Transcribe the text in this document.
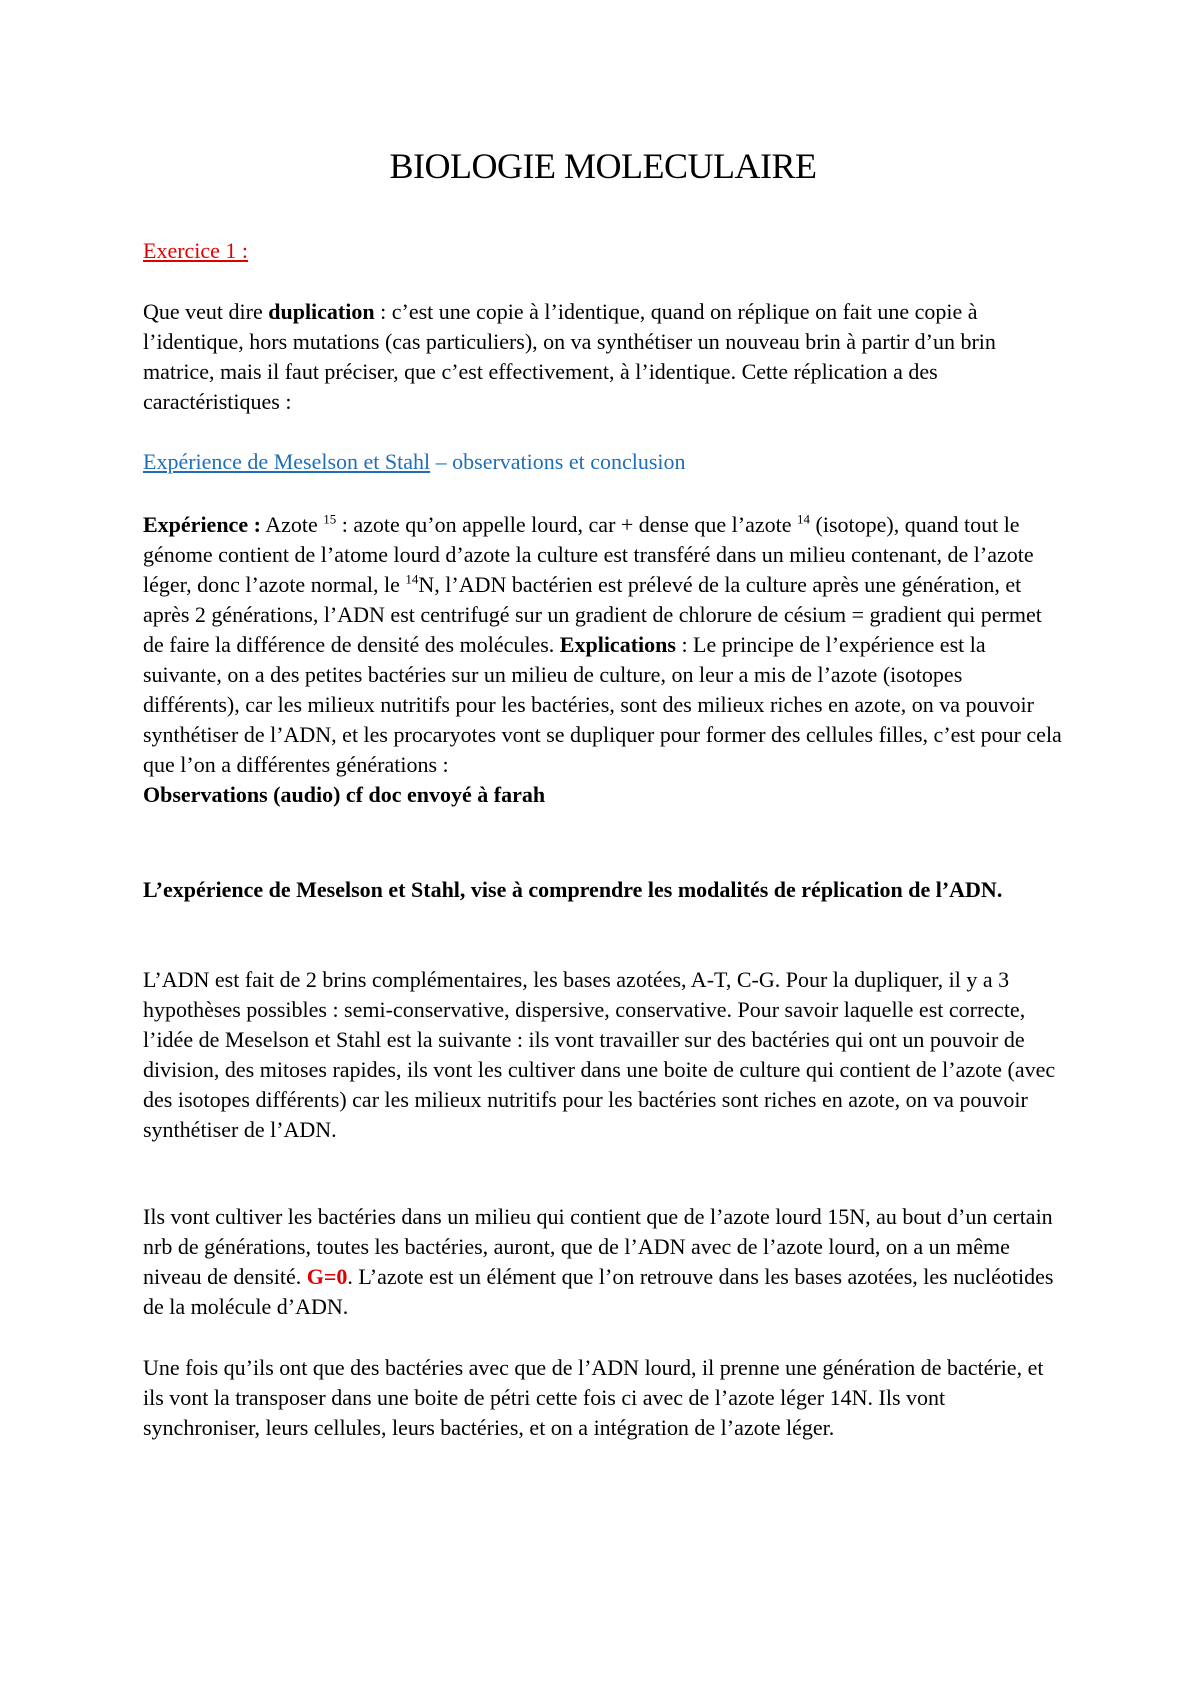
BIOLOGIE MOLECULAIRE

Exercice 1 :

Que veut dire duplication : c’est une copie à l’identique, quand on réplique on fait une copie à l’identique, hors mutations (cas particuliers), on va synthétiser un nouveau brin à partir d’un brin matrice, mais il faut préciser, que c’est effectivement, à l’identique. Cette réplication a des caractéristiques :

Expérience de Meselson et Stahl – observations et conclusion

Expérience : Azote $^{15}$ : azote qu’on appelle lourd, car + dense que l’azote $^{14}$ (isotope), quand tout le génome contient de l’atome lourd d’azote la culture est transféré dans un milieu contenant, de l’azote léger, donc l’azote normal, le $^{14}$N, l’ADN bactérien est prélevé de la culture après une génération, et après 2 générations, l’ADN est centrifugé sur un gradient de chlorure de césium = gradient qui permet de faire la différence de densité des molécules. Explications : Le principe de l’expérience est la suivante, on a des petites bactéries sur un milieu de culture, on leur a mis de l’azote (isotopes différents), car les milieux nutritifs pour les bactéries, sont des milieux riches en azote, on va pouvoir synthétiser de l’ADN, et les procaryotes vont se dupliquer pour former des cellules filles, c’est pour cela que l’on a différentes générations :
Observations (audio) cf doc envoyé à farah

L’expérience de Meselson et Stahl, vise à comprendre les modalités de réplication de l’ADN.

L’ADN est fait de 2 brins complémentaires, les bases azotées, A-T, C-G. Pour la dupliquer, il y a 3 hypothèses possibles : semi-conservative, dispersive, conservative. Pour savoir laquelle est correcte, l’idée de Meselson et Stahl est la suivante : ils vont travailler sur des bactéries qui ont un pouvoir de division, des mitoses rapides, ils vont les cultiver dans une boite de culture qui contient de l’azote (avec des isotopes différents) car les milieux nutritifs pour les bactéries sont riches en azote, on va pouvoir synthétiser de l’ADN.

Ils vont cultiver les bactéries dans un milieu qui contient que de l’azote lourd 15N, au bout d’un certain nrb de générations, toutes les bactéries, auront, que de l’ADN avec de l’azote lourd, on a un même niveau de densité. G=0. L’azote est un élément que l’on retrouve dans les bases azotées, les nucléotides de la molécule d’ADN.

Une fois qu’ils ont que des bactéries avec que de l’ADN lourd, il prenne une génération de bactérie, et ils vont la transposer dans une boite de pétri cette fois ci avec de l’azote léger 14N. Ils vont synchroniser, leurs cellules, leurs bactéries, et on a intégration de l’azote léger.
